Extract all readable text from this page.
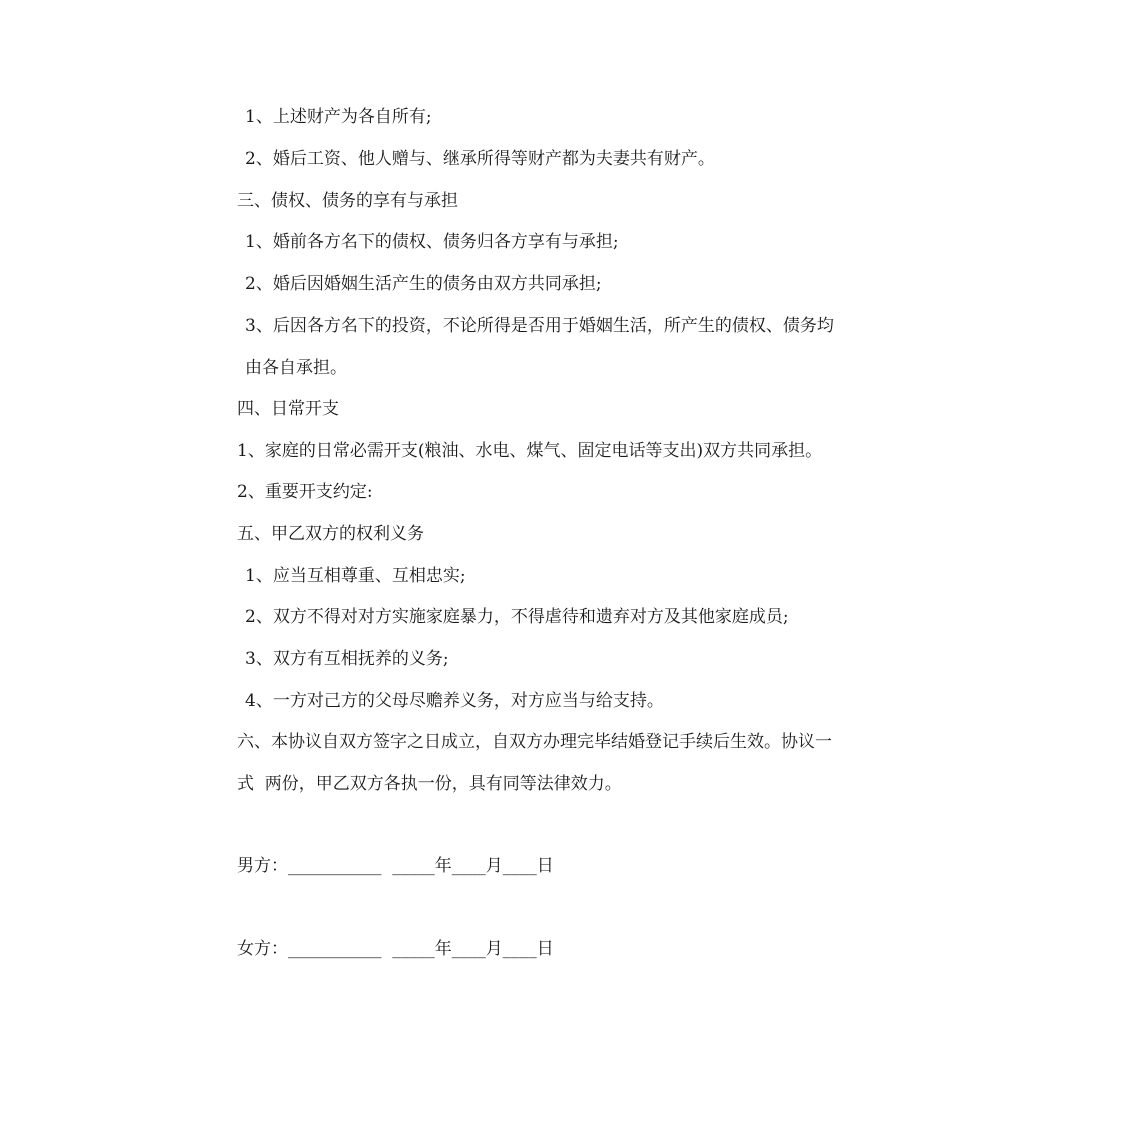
1、上述财产为各自所有;
2、婚后工资、他人赠与、继承所得等财产都为夫妻共有财产。
三、债权、债务的享有与承担
1、婚前各方名下的债权、债务归各方享有与承担;
2、婚后因婚姻生活产生的债务由双方共同承担;
3、后因各方名下的投资，不论所得是否用于婚姻生活，所产生的债权、债务均
由各自承担。
四、日常开支
1、家庭的日常必需开支(粮油、水电、煤气、固定电话等支出)双方共同承担。
2、重要开支约定:
五、甲乙双方的权利义务
1、应当互相尊重、互相忠实;
2、双方不得对对方实施家庭暴力，不得虐待和遗弃对方及其他家庭成员;
3、双方有互相抚养的义务;
4、一方对己方的父母尽赡养义务，对方应当与给支持。
六、本协议自双方签字之日成立，自双方办理完毕结婚登记手续后生效。协议一
式  两份，甲乙双方各执一份，具有同等法律效力。
男方：___________  _____年____月____日
女方：___________  _____年____月____日
